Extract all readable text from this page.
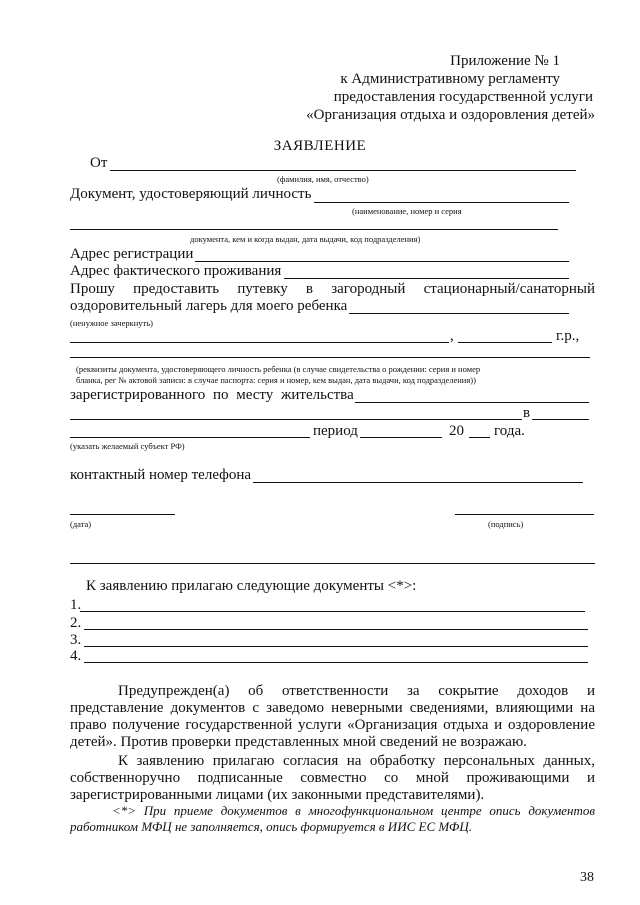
Приложение № 1
к Административному регламенту
предоставления государственной услуги
«Организация отдыха и оздоровления детей»
ЗАЯВЛЕНИЕ
От
(фамилия, имя, отчество)
Документ, удостоверяющий личность
(наименование, номер и серия
документа, кем и когда выдан, дата выдачи, код подразделения)
Адрес регистрации
Адрес фактического проживания
Прошу предоставить путевку в загородный стационарный/санаторный
оздоровительный лагерь для моего ребенка
(ненужное зачеркнуть)
,	г.р.,
(реквизиты документа, удостоверяющего личность ребенка (в случае свидетельства о рождении: серия и номер
бланка, рег № актовой записи: в случае паспорта: серия и номер, кем выдан, дата выдачи, код подразделения))
зарегистрированного по месту жительства
в
период	20 года.
(указать желаемый субъект РФ)
контактный номер телефона
(дата)	(подпись)
К заявлению прилагаю следующие документы <*>:
1.
2.
3.
4.
Предупрежден(а) об ответственности за сокрытие доходов и представление документов с заведомо неверными сведениями, влияющими на право получение государственной услуги «Организация отдыха и оздоровление детей». Против проверки представленных мной сведений не возражаю.
К заявлению прилагаю согласия на обработку персональных данных, собственноручно подписанные совместно со мной проживающими и зарегистрированными лицами (их законными представителями).
<*> При приеме документов в многофункциональном центре опись документов работником МФЦ не заполняется, опись формируется в ИИС ЕС МФЦ.
38
